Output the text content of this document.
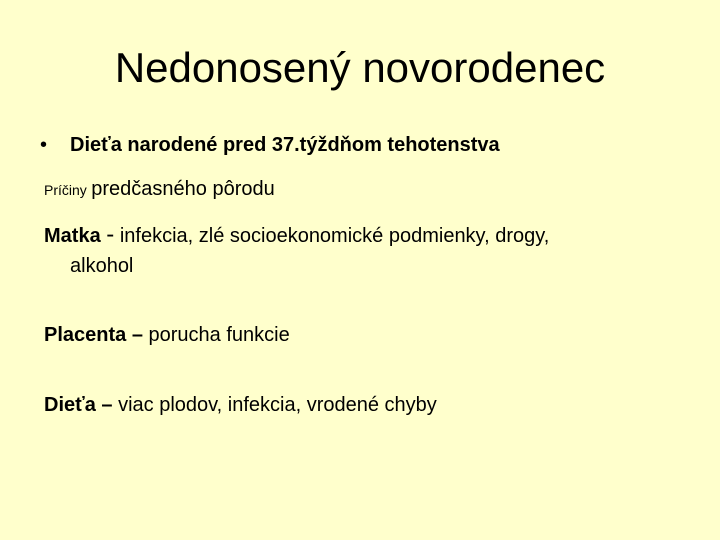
Nedonosený novorodenec
• Dieťa narodené pred 37.týždňom tehotenstva
Príčiny predčasného pôrodu
Matka - infekcia, zlé socioekonomické podmienky, drogy,
alkohol
Placenta – porucha funkcie
Dieťa – viac plodov, infekcia, vrodené chyby
